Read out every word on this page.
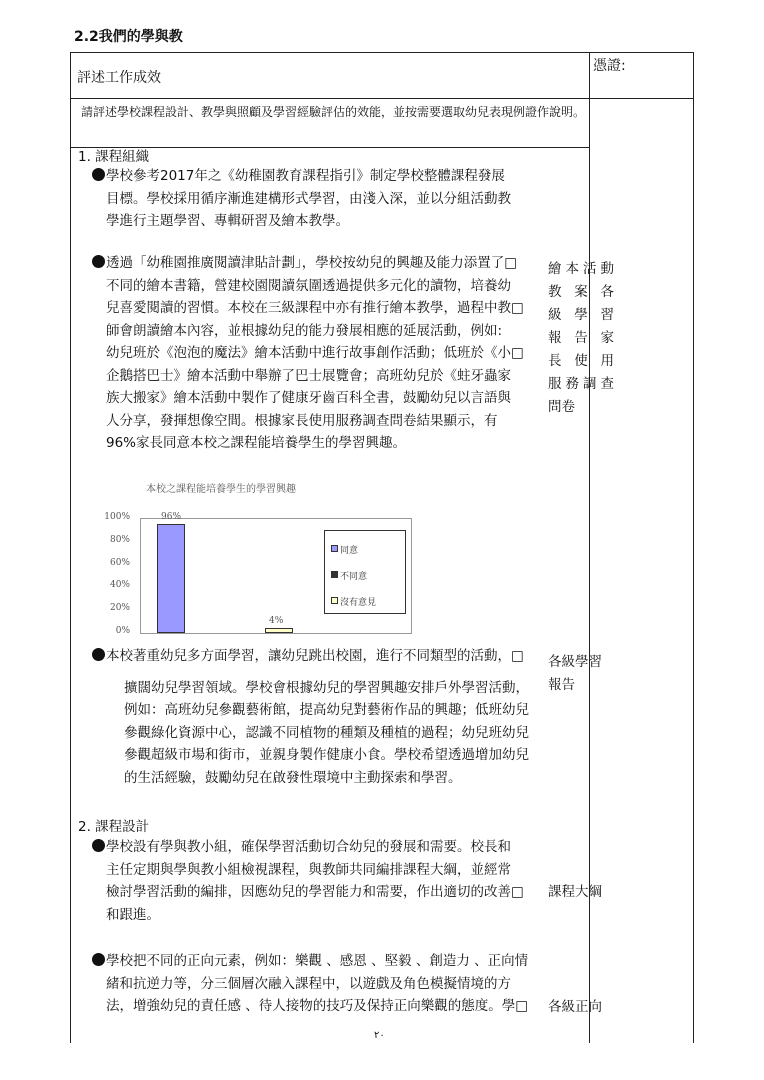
2.2我們的學與教
評述工作成效
憑證:
請評述學校課程設計、教學與照顧及學習經驗評估的效能，並按需要選取幼兒表現例證作說明。
1. 課程組織
學校參考2017年之《幼稚園教育課程指引》制定學校整體課程發展
目標。學校採用循序漸進建構形式學習，由淺入深，並以分組活動教
學進行主題學習、專輯研習及繪本教學。
透過「幼稚園推廣閱讀津貼計劃」，學校按幼兒的興趣及能力添置了□
不同的繪本書籍，營建校園閱讀氛圍透過提供多元化的讀物，培養幼
兒喜愛閱讀的習慣。本校在三級課程中亦有推行繪本教學，過程中教□
師會朗讀繪本內容，並根據幼兒的能力發展相應的延展活動，例如:
幼兒班於《泡泡的魔法》繪本活動中進行故事創作活動；低班於《小□
企鵝搭巴士》繪本活動中舉辦了巴士展覽會；高班幼兒於《蛀牙蟲家
族大搬家》繪本活動中製作了健康牙齒百科全書，鼓勵幼兒以言語與
人分享，發揮想像空間。根據家長使用服務調查問卷結果顯示，有
96%家長同意本校之課程能培養學生的學習興趣。
本校之課程能培養學生的學習興趣
100%
80%
60%
40%
20%
0%
96%
4%
同意
不同意
沒有意見
本校著重幼兒多方面學習，讓幼兒跳出校園，進行不同類型的活動，□
擴闊幼兒學習領域。學校會根據幼兒的學習興趣安排戶外學習活動，
例如：高班幼兒參觀藝術館，提高幼兒對藝術作品的興趣；低班幼兒
參觀綠化資源中心，認識不同植物的種類及種植的過程；幼兒班幼兒
參觀超級市場和街市，並親身製作健康小食。學校希望透過增加幼兒
的生活經驗，鼓勵幼兒在啟發性環境中主動探索和學習。
2. 課程設計
學校設有學與教小組，確保學習活動切合幼兒的發展和需要。校長和
主任定期與學與教小組檢視課程，與教師共同編排課程大綱，並經常
檢討學習活動的編排，因應幼兒的學習能力和需要，作出適切的改善□
和跟進。
學校把不同的正向元素，例如：樂觀 、感恩 、堅毅 、創造力 、正向情
緒和抗逆力等，分三個層次融入課程中，以遊戲及角色模擬情境的方
法，增強幼兒的責任感 、待人接物的技巧及保持正向樂觀的態度。學□
繪本活動
教 案 各
級 學 習
報 告 家
長 使 用
服務調查
問卷
各級學習
報告
課程大綱
各級正向
٢٠
